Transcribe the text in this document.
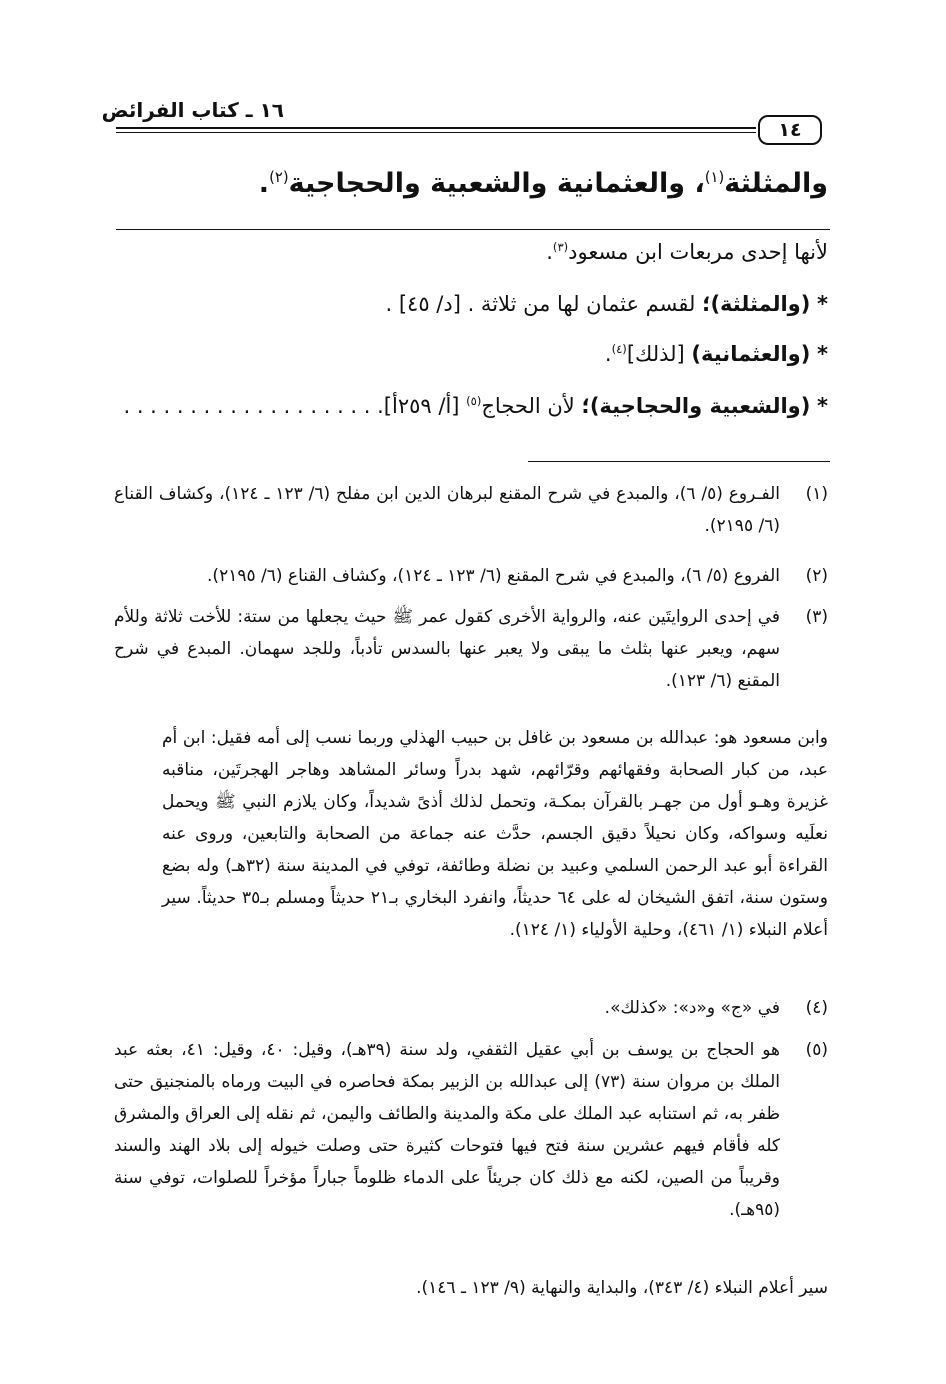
١٦ ـ كتاب الفرائض
١٤
والمثلثة$^{(١)}$، والعثمانية والشعبية والحجاجية$^{(٢)}$.
لأنها إحدى مربعات ابن مسعود$^{(٣)}$.
* (والمثلثة)؛ لقسم عثمان لها من ثلاثة . [د/ ٤٥] .
* (والعثمانية) [لذلك]$^{(٤)}$.
* (والشعبية والحجاجية)؛ لأن الحجاج$^{(٥)}$ [أ/ ٢٥٩أ]. . . . . . . . . . . . . . . . . . . .
(١)
الفـروع (٥/ ٦)، والمبدع في شرح المقنع لبرهان الدين ابن مفلح (٦/ ١٢٣ ـ ١٢٤)، وكشاف القناع (٦/ ٢١٩٥).
(٢)
الفروع (٥/ ٦)، والمبدع في شرح المقنع (٦/ ١٢٣ ـ ١٢٤)، وكشاف القناع (٦/ ٢١٩٥).
(٣)
في إحدى الروايتَين عنه، والرواية الأخرى كقول عمر ﷺ حيث يجعلها من ستة: للأخت ثلاثة وللأم سهم، ويعبر عنها بثلث ما يبقى ولا يعبر عنها بالسدس تأدباً، وللجد سهمان. المبدع في شرح المقنع (٦/ ١٢٣).
وابن مسعود هو: عبدالله بن مسعود بن غافل بن حبيب الهذلي وربما نسب إلى أمه فقيل: ابن أم عبد، من كبار الصحابة وفقهائهم وقرّائهم، شهد بدراً وسائر المشاهد وهاجر الهجرتَين، مناقبه غزيرة وهـو أول من جهـر بالقرآن بمكـة، وتحمل لذلك أذىً شديداً، وكان يلازم النبي ﷺ ويحمل نعلَيه وسواكه، وكان نحيلاً دقيق الجسم، حدَّث عنه جماعة من الصحابة والتابعين، وروى عنه القراءة أبو عبد الرحمن السلمي وعبيد بن نضلة وطائفة، توفي في المدينة سنة (٣٢هـ) وله بضع وستون سنة، اتفق الشيخان له على ٦٤ حديثاً، وانفرد البخاري بـ٢١ حديثاً ومسلم بـ٣٥ حديثاً. سير أعلام النبلاء (١/ ٤٦١)، وحلية الأولياء (١/ ١٢٤).
(٤)
في «ج» و«د»: «كذلك».
(٥)
هو الحجاج بن يوسف بن أبي عقيل الثقفي، ولد سنة (٣٩هـ)، وقيل: ٤٠، وقيل: ٤١، بعثه عبد الملك بن مروان سنة (٧٣) إلى عبدالله بن الزبير بمكة فحاصره في البيت ورماه بالمنجنيق حتى ظفر به، ثم استنابه عبد الملك على مكة والمدينة والطائف واليمن، ثم نقله إلى العراق والمشرق كله فأقام فيهم عشرين سنة فتح فيها فتوحات كثيرة حتى وصلت خيوله إلى بلاد الهند والسند وقريباً من الصين، لكنه مع ذلك كان جريئاً على الدماء ظلوماً جباراً مؤخراً للصلوات، توفي سنة (٩٥هـ).
سير أعلام النبلاء (٤/ ٣٤٣)، والبداية والنهاية (٩/ ١٢٣ ـ ١٤٦).
